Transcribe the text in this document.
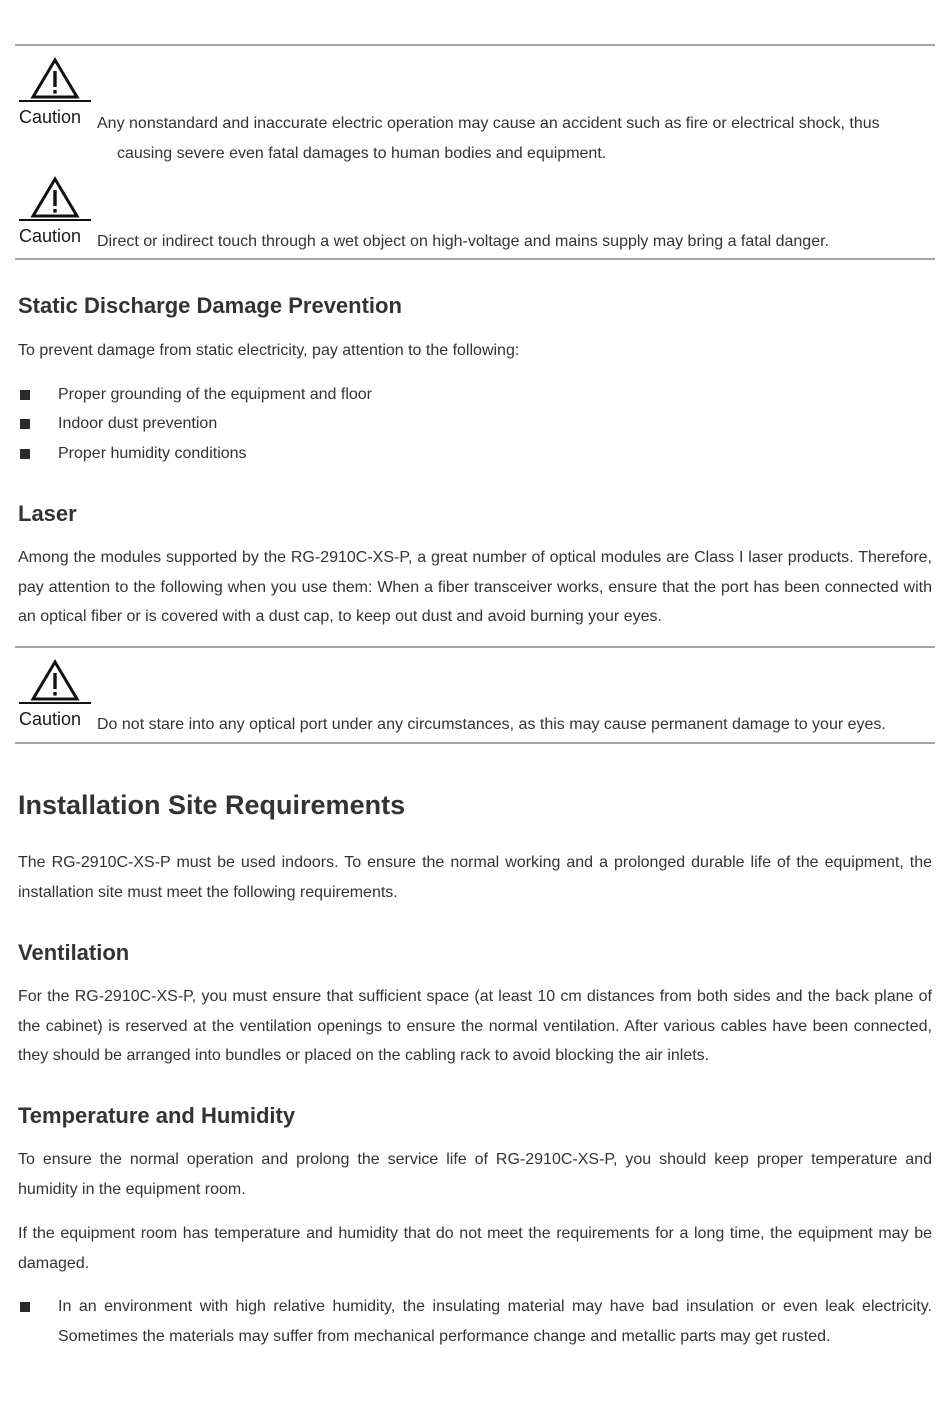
Caution Any nonstandard and inaccurate electric operation may cause an accident such as fire or electrical shock, thus
causing severe even fatal damages to human bodies and equipment.
Caution Direct or indirect touch through a wet object on high-voltage and mains supply may bring a fatal danger.
Static Discharge Damage Prevention
To prevent damage from static electricity, pay attention to the following:
Proper grounding of the equipment and floor
Indoor dust prevention
Proper humidity conditions
Laser
Among the modules supported by the RG-2910C-XS-P, a great number of optical modules are Class I laser products. Therefore, pay attention to the following when you use them: When a fiber transceiver works, ensure that the port has been connected with an optical fiber or is covered with a dust cap, to keep out dust and avoid burning your eyes.
Caution Do not stare into any optical port under any circumstances, as this may cause permanent damage to your eyes.
Installation Site Requirements
The RG-2910C-XS-P must be used indoors. To ensure the normal working and a prolonged durable life of the equipment, the installation site must meet the following requirements.
Ventilation
For the RG-2910C-XS-P, you must ensure that sufficient space (at least 10 cm distances from both sides and the back plane of the cabinet) is reserved at the ventilation openings to ensure the normal ventilation. After various cables have been connected, they should be arranged into bundles or placed on the cabling rack to avoid blocking the air inlets.
Temperature and Humidity
To ensure the normal operation and prolong the service life of RG-2910C-XS-P, you should keep proper temperature and humidity in the equipment room.
If the equipment room has temperature and humidity that do not meet the requirements for a long time, the equipment may be damaged.
In an environment with high relative humidity, the insulating material may have bad insulation or even leak electricity. Sometimes the materials may suffer from mechanical performance change and metallic parts may get rusted.
